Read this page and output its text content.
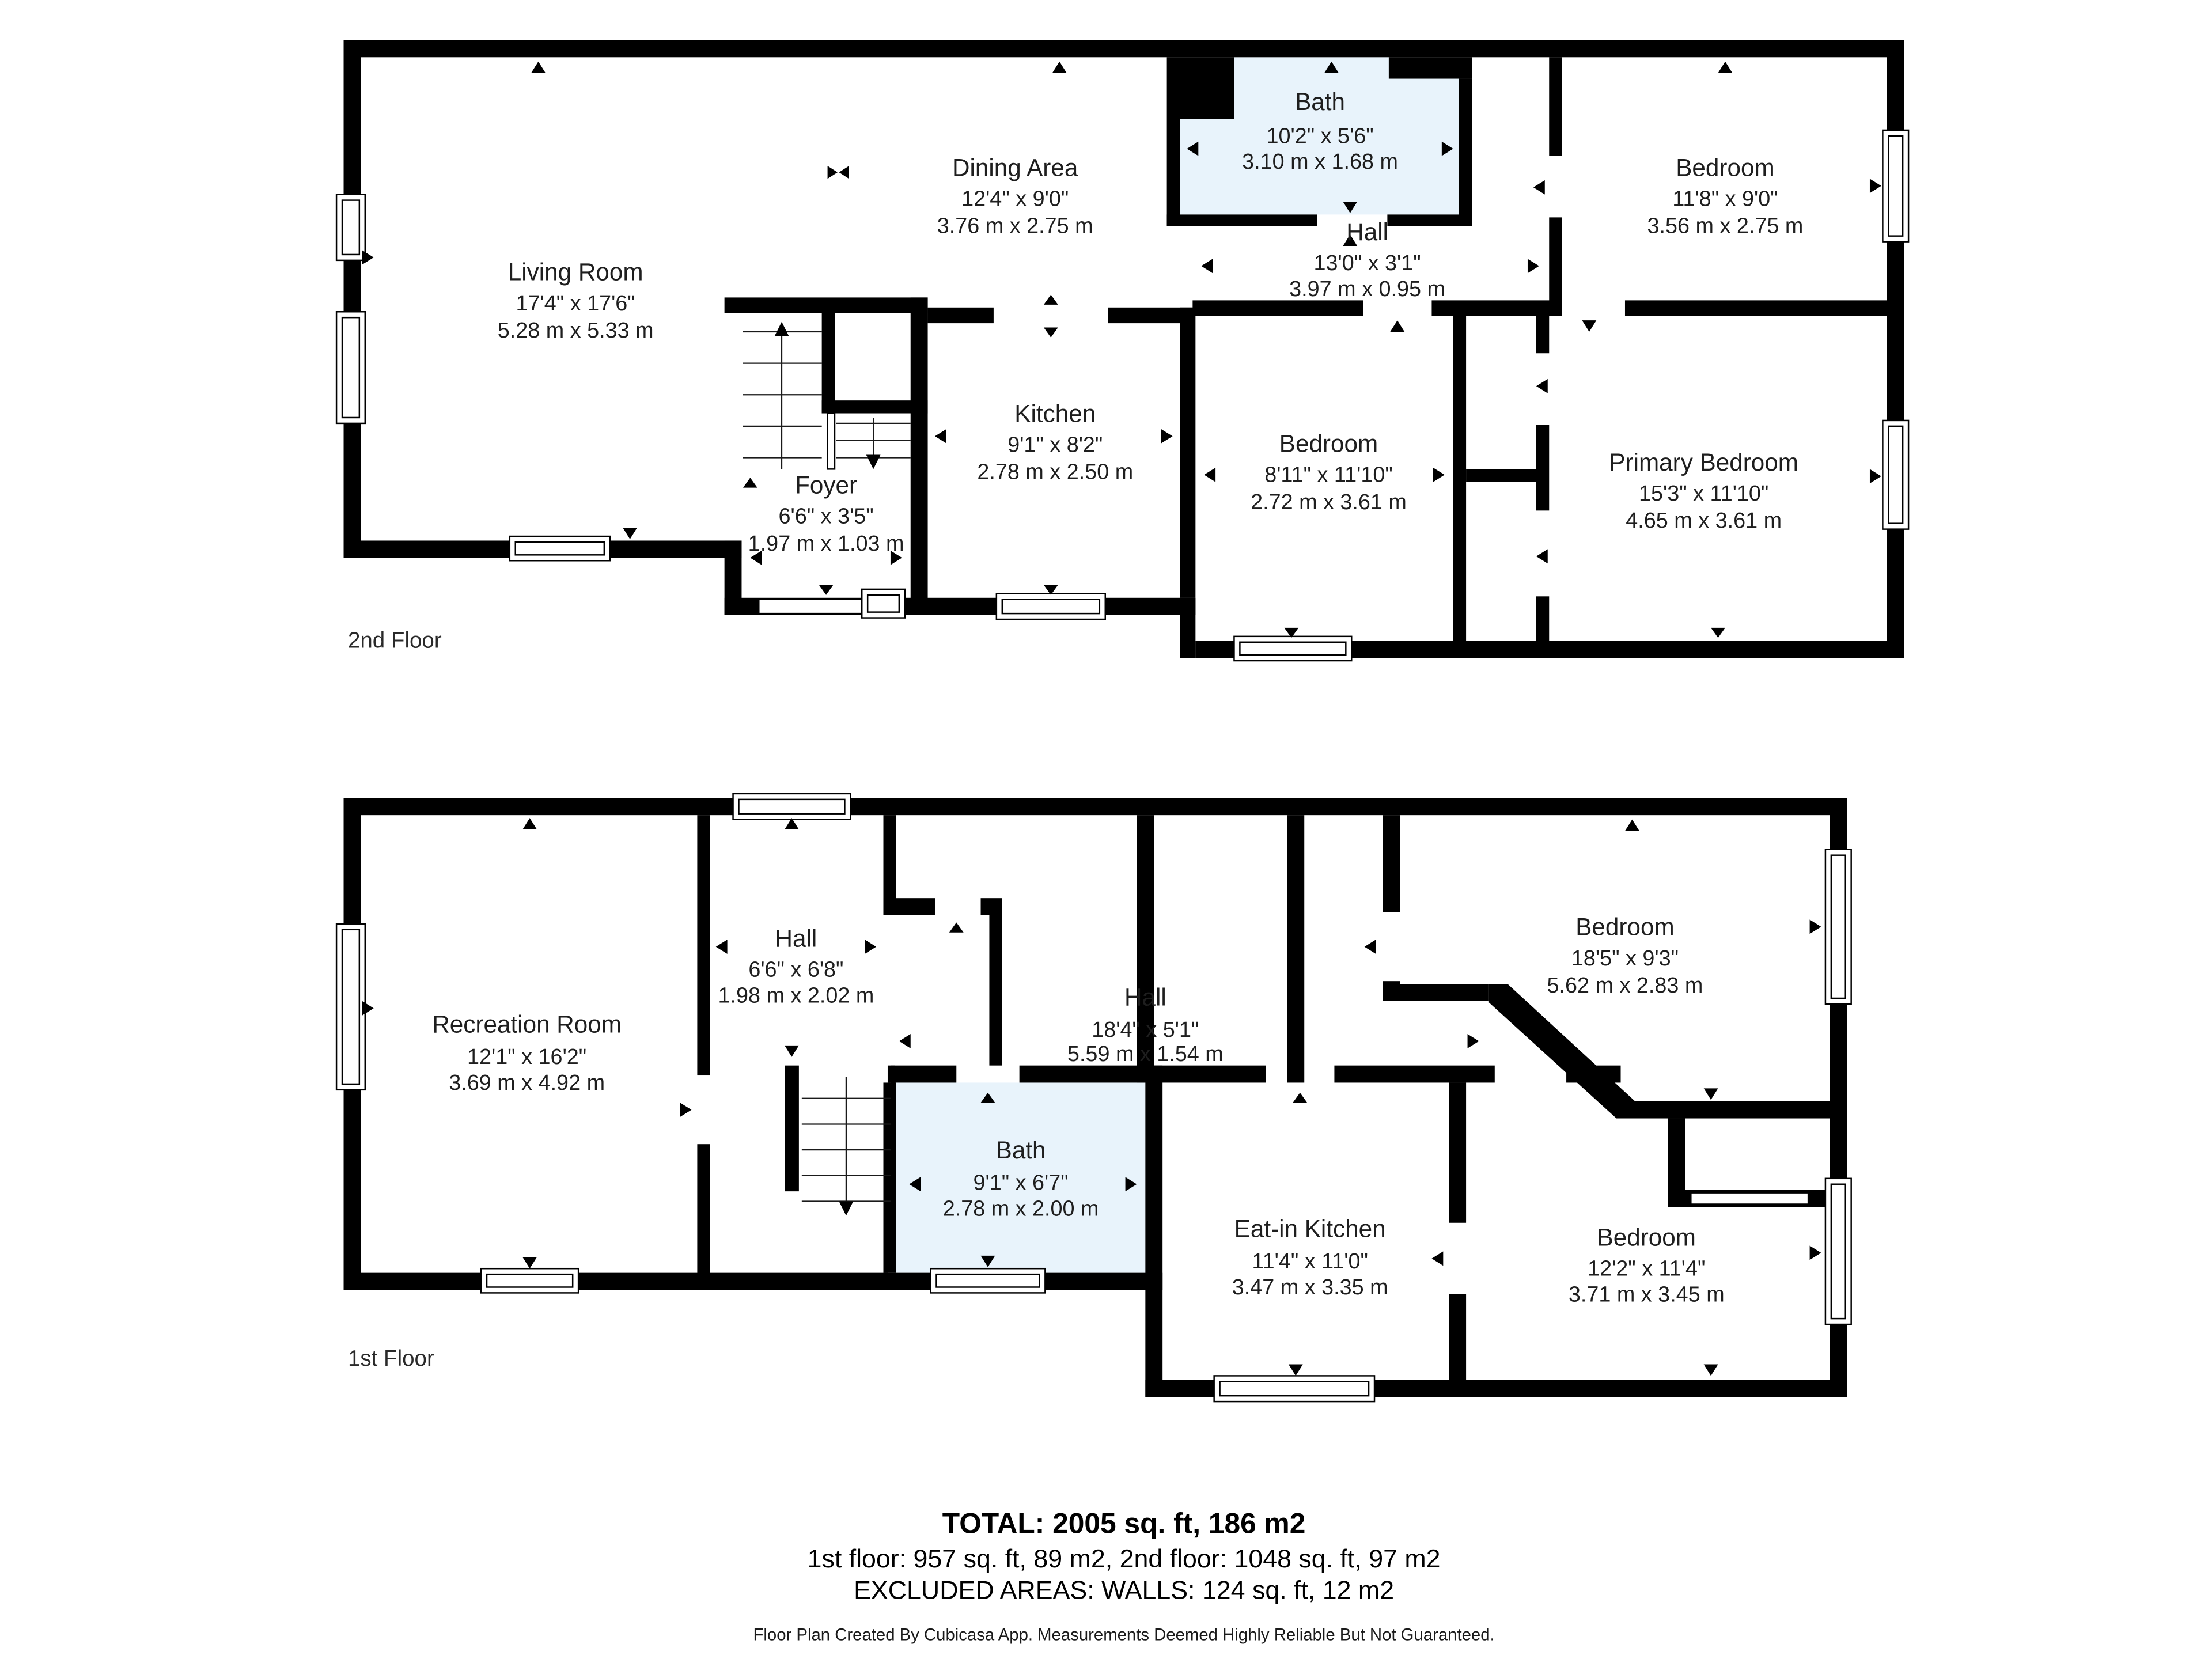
Living Room
17'4" x 17'6"
5.28 m x 5.33 m
Dining Area
12'4" x 9'0"
3.76 m x 2.75 m
Bath
10'2" x 5'6"
3.10 m x 1.68 m
Hall
13'0" x 3'1"
3.97 m x 0.95 m
Bedroom
11'8" x 9'0"
3.56 m x 2.75 m
Kitchen
9'1" x 8'2"
2.78 m x 2.50 m
Foyer
6'6" x 3'5"
1.97 m x 1.03 m
Bedroom
8'11" x 11'10"
2.72 m x 3.61 m
Primary Bedroom
15'3" x 11'10"
4.65 m x 3.61 m
2nd Floor
Recreation Room
12'1" x 16'2"
3.69 m x 4.92 m
Hall
6'6" x 6'8"
1.98 m x 2.02 m	Hall
18'4" x 5'1"
5.59 m x 1.54 m
Bath
9'1" x 6'7"
2.78 m x 2.00 m
Eat-in Kitchen
11'4" x 11'0"
3.47 m x 3.35 m
Bedroom
18'5" x 9'3"
5.62 m x 2.83 m
Bedroom
12'2" x 11'4"
3.71 m x 3.45 m
1st Floor
TOTAL: 2005 sq. ft, 186 m2
1st floor: 957 sq. ft, 89 m2, 2nd floor: 1048 sq. ft, 97 m2
EXCLUDED AREAS: WALLS: 124 sq. ft, 12 m2
Floor Plan Created By Cubicasa App. Measurements Deemed Highly Reliable But Not Guaranteed.
